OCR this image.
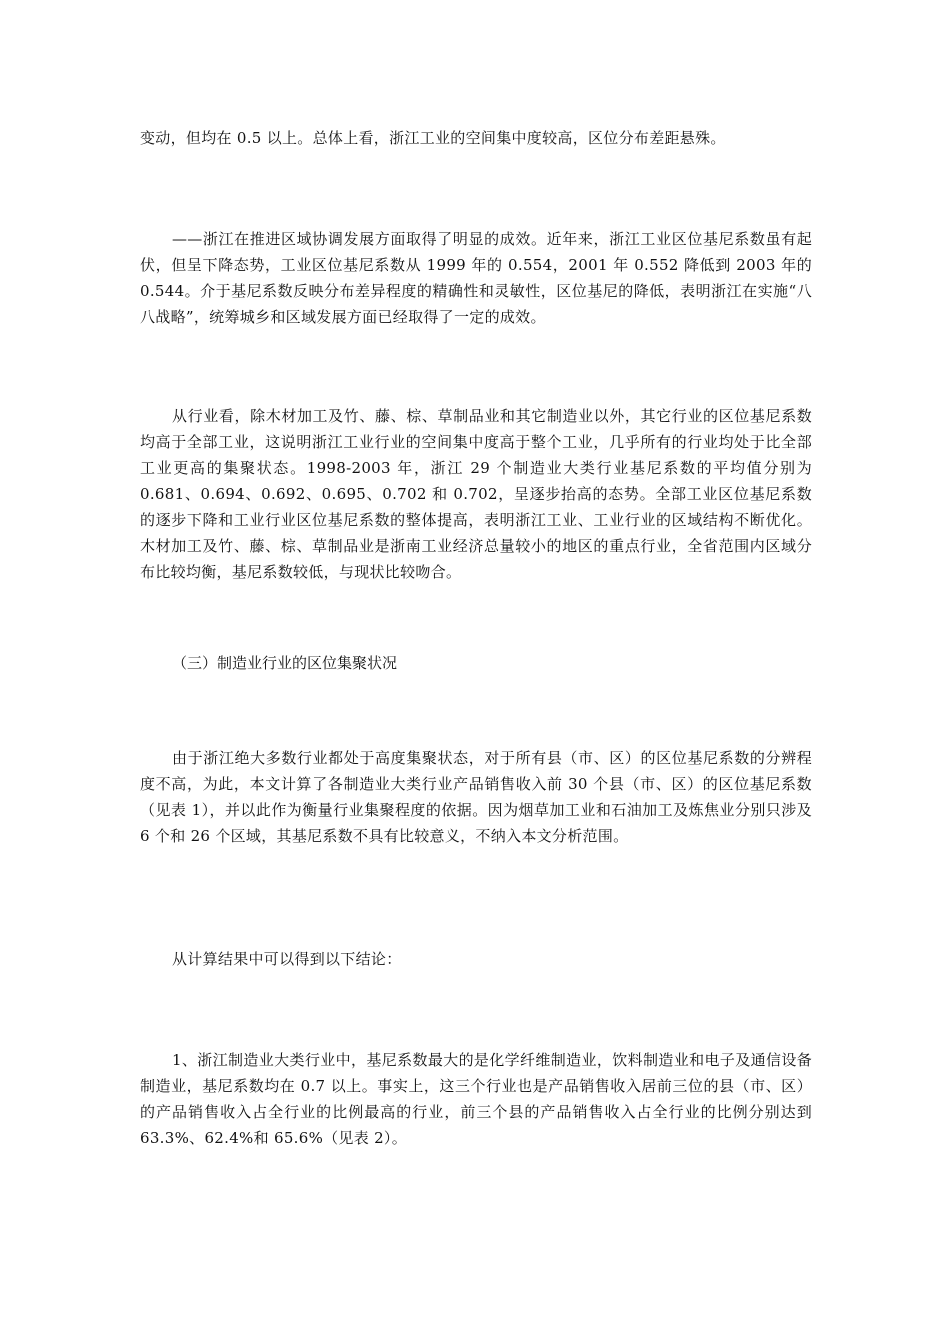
变动，但均在 0.5 以上。总体上看，浙江工业的空间集中度较高，区位分布差距悬殊。

——浙江在推进区域协调发展方面取得了明显的成效。近年来，浙江工业区位基尼系数虽有起伏，但呈下降态势，工业区位基尼系数从 1999 年的 0.554，2001 年 0.552 降低到 2003 年的 0.544。介于基尼系数反映分布差异程度的精确性和灵敏性，区位基尼的降低，表明浙江在实施“八八战略”，统筹城乡和区域发展方面已经取得了一定的成效。

从行业看，除木材加工及竹、藤、棕、草制品业和其它制造业以外，其它行业的区位基尼系数均高于全部工业，这说明浙江工业行业的空间集中度高于整个工业，几乎所有的行业均处于比全部工业更高的集聚状态。1998-2003 年，浙江 29 个制造业大类行业基尼系数的平均值分别为 0.681、0.694、0.692、0.695、0.702 和 0.702，呈逐步抬高的态势。全部工业区位基尼系数的逐步下降和工业行业区位基尼系数的整体提高，表明浙江工业、工业行业的区域结构不断优化。木材加工及竹、藤、棕、草制品业是浙南工业经济总量较小的地区的重点行业，全省范围内区域分布比较均衡，基尼系数较低，与现状比较吻合。

（三）制造业行业的区位集聚状况

由于浙江绝大多数行业都处于高度集聚状态，对于所有县（市、区）的区位基尼系数的分辨程度不高，为此，本文计算了各制造业大类行业产品销售收入前 30 个县（市、区）的区位基尼系数（见表 1），并以此作为衡量行业集聚程度的依据。因为烟草加工业和石油加工及炼焦业分别只涉及 6 个和 26 个区域，其基尼系数不具有比较意义，不纳入本文分析范围。

从计算结果中可以得到以下结论：

1、浙江制造业大类行业中，基尼系数最大的是化学纤维制造业，饮料制造业和电子及通信设备制造业，基尼系数均在 0.7 以上。事实上，这三个行业也是产品销售收入居前三位的县（市、区）的产品销售收入占全行业的比例最高的行业，前三个县的产品销售收入占全行业的比例分别达到 63.3%、62.4%和 65.6%（见表 2）。
